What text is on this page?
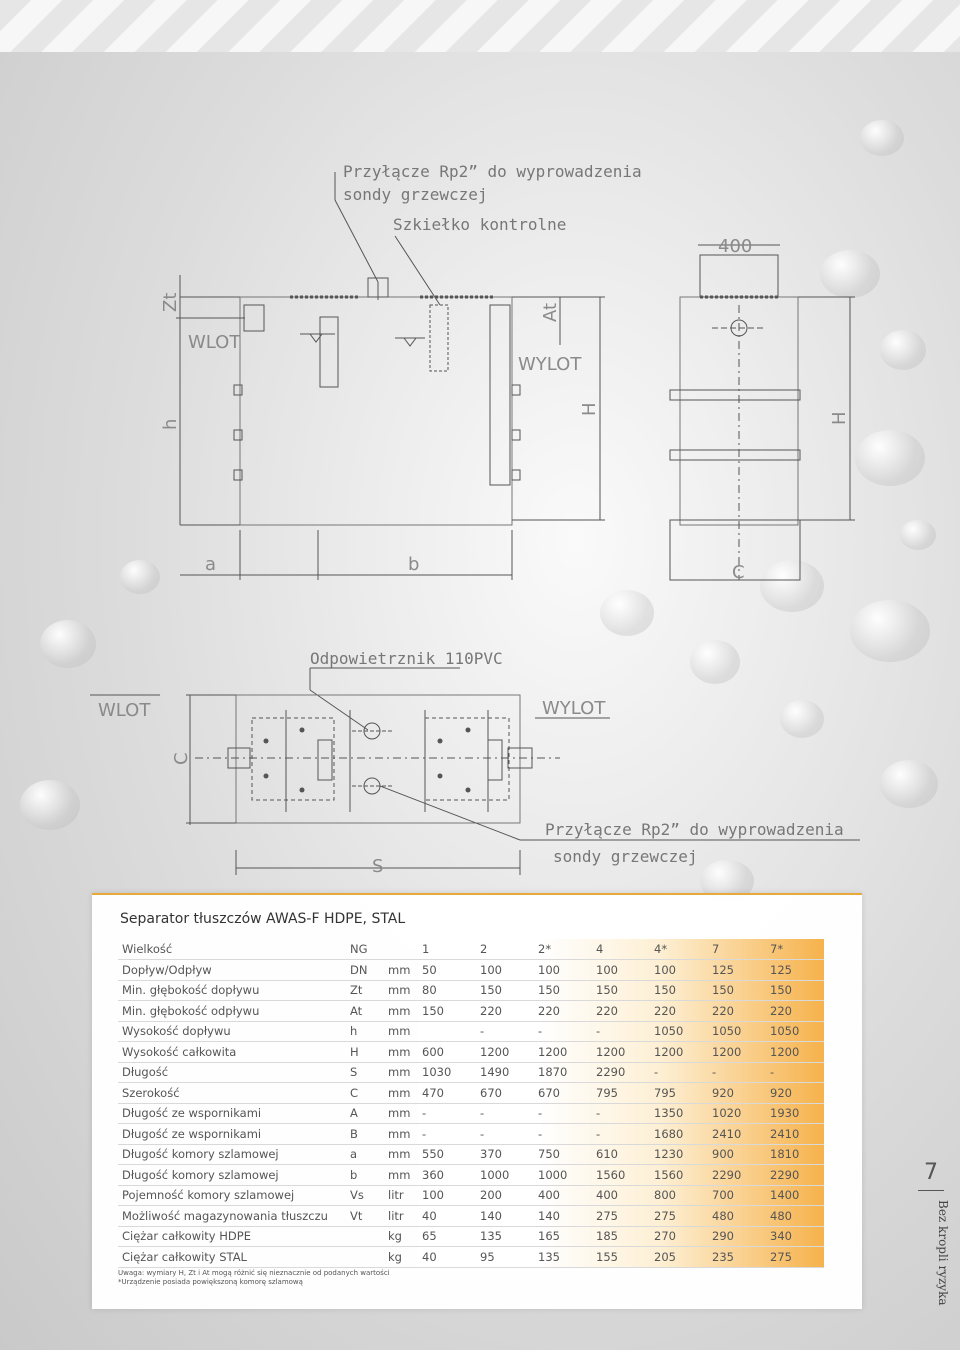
Przyłącze Rp2” do wyprowadzenia
sondy grzewczej
Szkiełko kontrolne
400
Zt
WLOT
h
At
WYLOT
H
H
a	b	C
Odpowietrznik 110PVC
WLOT	WYLOT
C
S
Przyłącze Rp2” do wyprowadzenia
sondy grzewczej
Separator tłuszczów AWAS-F HDPE, STAL
Wielkość	NG		1	2	2*	4	4*	7	7*
Dopływ/Odpływ	DN	mm	50	100	100	100	100	125	125
Min. głębokość dopływu	Zt	mm	80	150	150	150	150	150	150
Min. głębokość odpływu	At	mm	150	220	220	220	220	220	220
Wysokość dopływu	h	mm		-	-	-	1050	1050	1050
Wysokość całkowita	H	mm	600	1200	1200	1200	1200	1200	1200
Długość	S	mm	1030	1490	1870	2290	-	-	-
Szerokość	C	mm	470	670	670	795	795	920	920
Długość ze wspornikami	A	mm	-	-	-	-	1350	1020	1930
Długość ze wspornikami	B	mm	-	-	-	-	1680	2410	2410
Długość komory szlamowej	a	mm	550	370	750	610	1230	900	1810
Długość komory szlamowej	b	mm	360	1000	1000	1560	1560	2290	2290
Pojemność komory szlamowej	Vs	litr	100	200	400	400	800	700	1400
Możliwość magazynowania tłuszczu	Vt	litr	40	140	140	275	275	480	480
Ciężar całkowity HDPE		kg	65	135	165	185	270	290	340
Ciężar całkowity STAL		kg	40	95	135	155	205	235	275
Uwaga: wymiary H, Zt i At mogą różnić się nieznacznie od podanych wartości
*Urządzenie posiada powiększoną komorę szlamową
7
Bez kropli ryzyka
